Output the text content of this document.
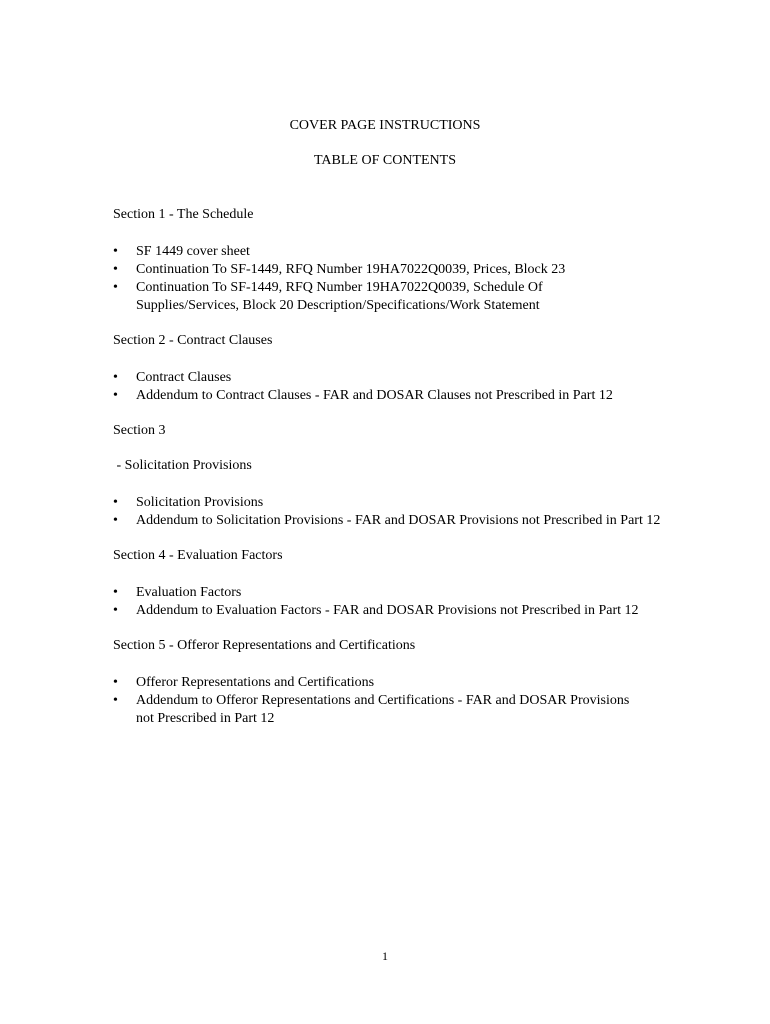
COVER PAGE INSTRUCTIONS

TABLE OF CONTENTS

Section 1 - The Schedule

•	SF 1449 cover sheet
•	Continuation To SF-1449, RFQ Number 19HA7022Q0039, Prices, Block 23
•	Continuation To SF-1449, RFQ Number 19HA7022Q0039, Schedule Of Supplies/Services, Block 20 Description/Specifications/Work Statement

Section 2 - Contract Clauses

•	Contract Clauses
•	Addendum to Contract Clauses - FAR and DOSAR Clauses not Prescribed in Part 12

Section 3

- Solicitation Provisions

•	Solicitation Provisions
•	Addendum to Solicitation Provisions - FAR and DOSAR Provisions not Prescribed in Part 12

Section 4 - Evaluation Factors

•	Evaluation Factors
•	Addendum to Evaluation Factors - FAR and DOSAR Provisions not Prescribed in Part 12

Section 5 - Offeror Representations and Certifications

•	Offeror Representations and Certifications
•	Addendum to Offeror Representations and Certifications - FAR and DOSAR Provisions not Prescribed in Part 12
1
